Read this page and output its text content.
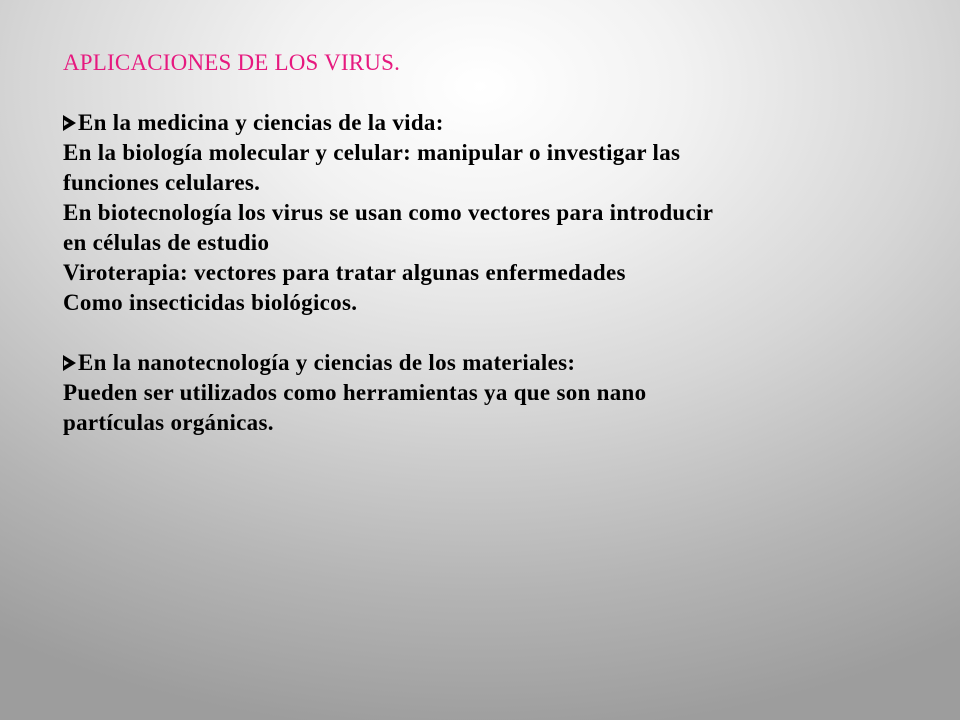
APLICACIONES DE LOS VIRUS.
En la medicina y ciencias de la vida:
En la biología molecular y celular: manipular o investigar las
funciones celulares.
En biotecnología los virus se usan como vectores para introducir
en células de estudio
Viroterapia: vectores para tratar algunas enfermedades
Como insecticidas biológicos.
En la nanotecnología y ciencias de los materiales:
Pueden ser utilizados como herramientas ya que son nano
partículas orgánicas.
